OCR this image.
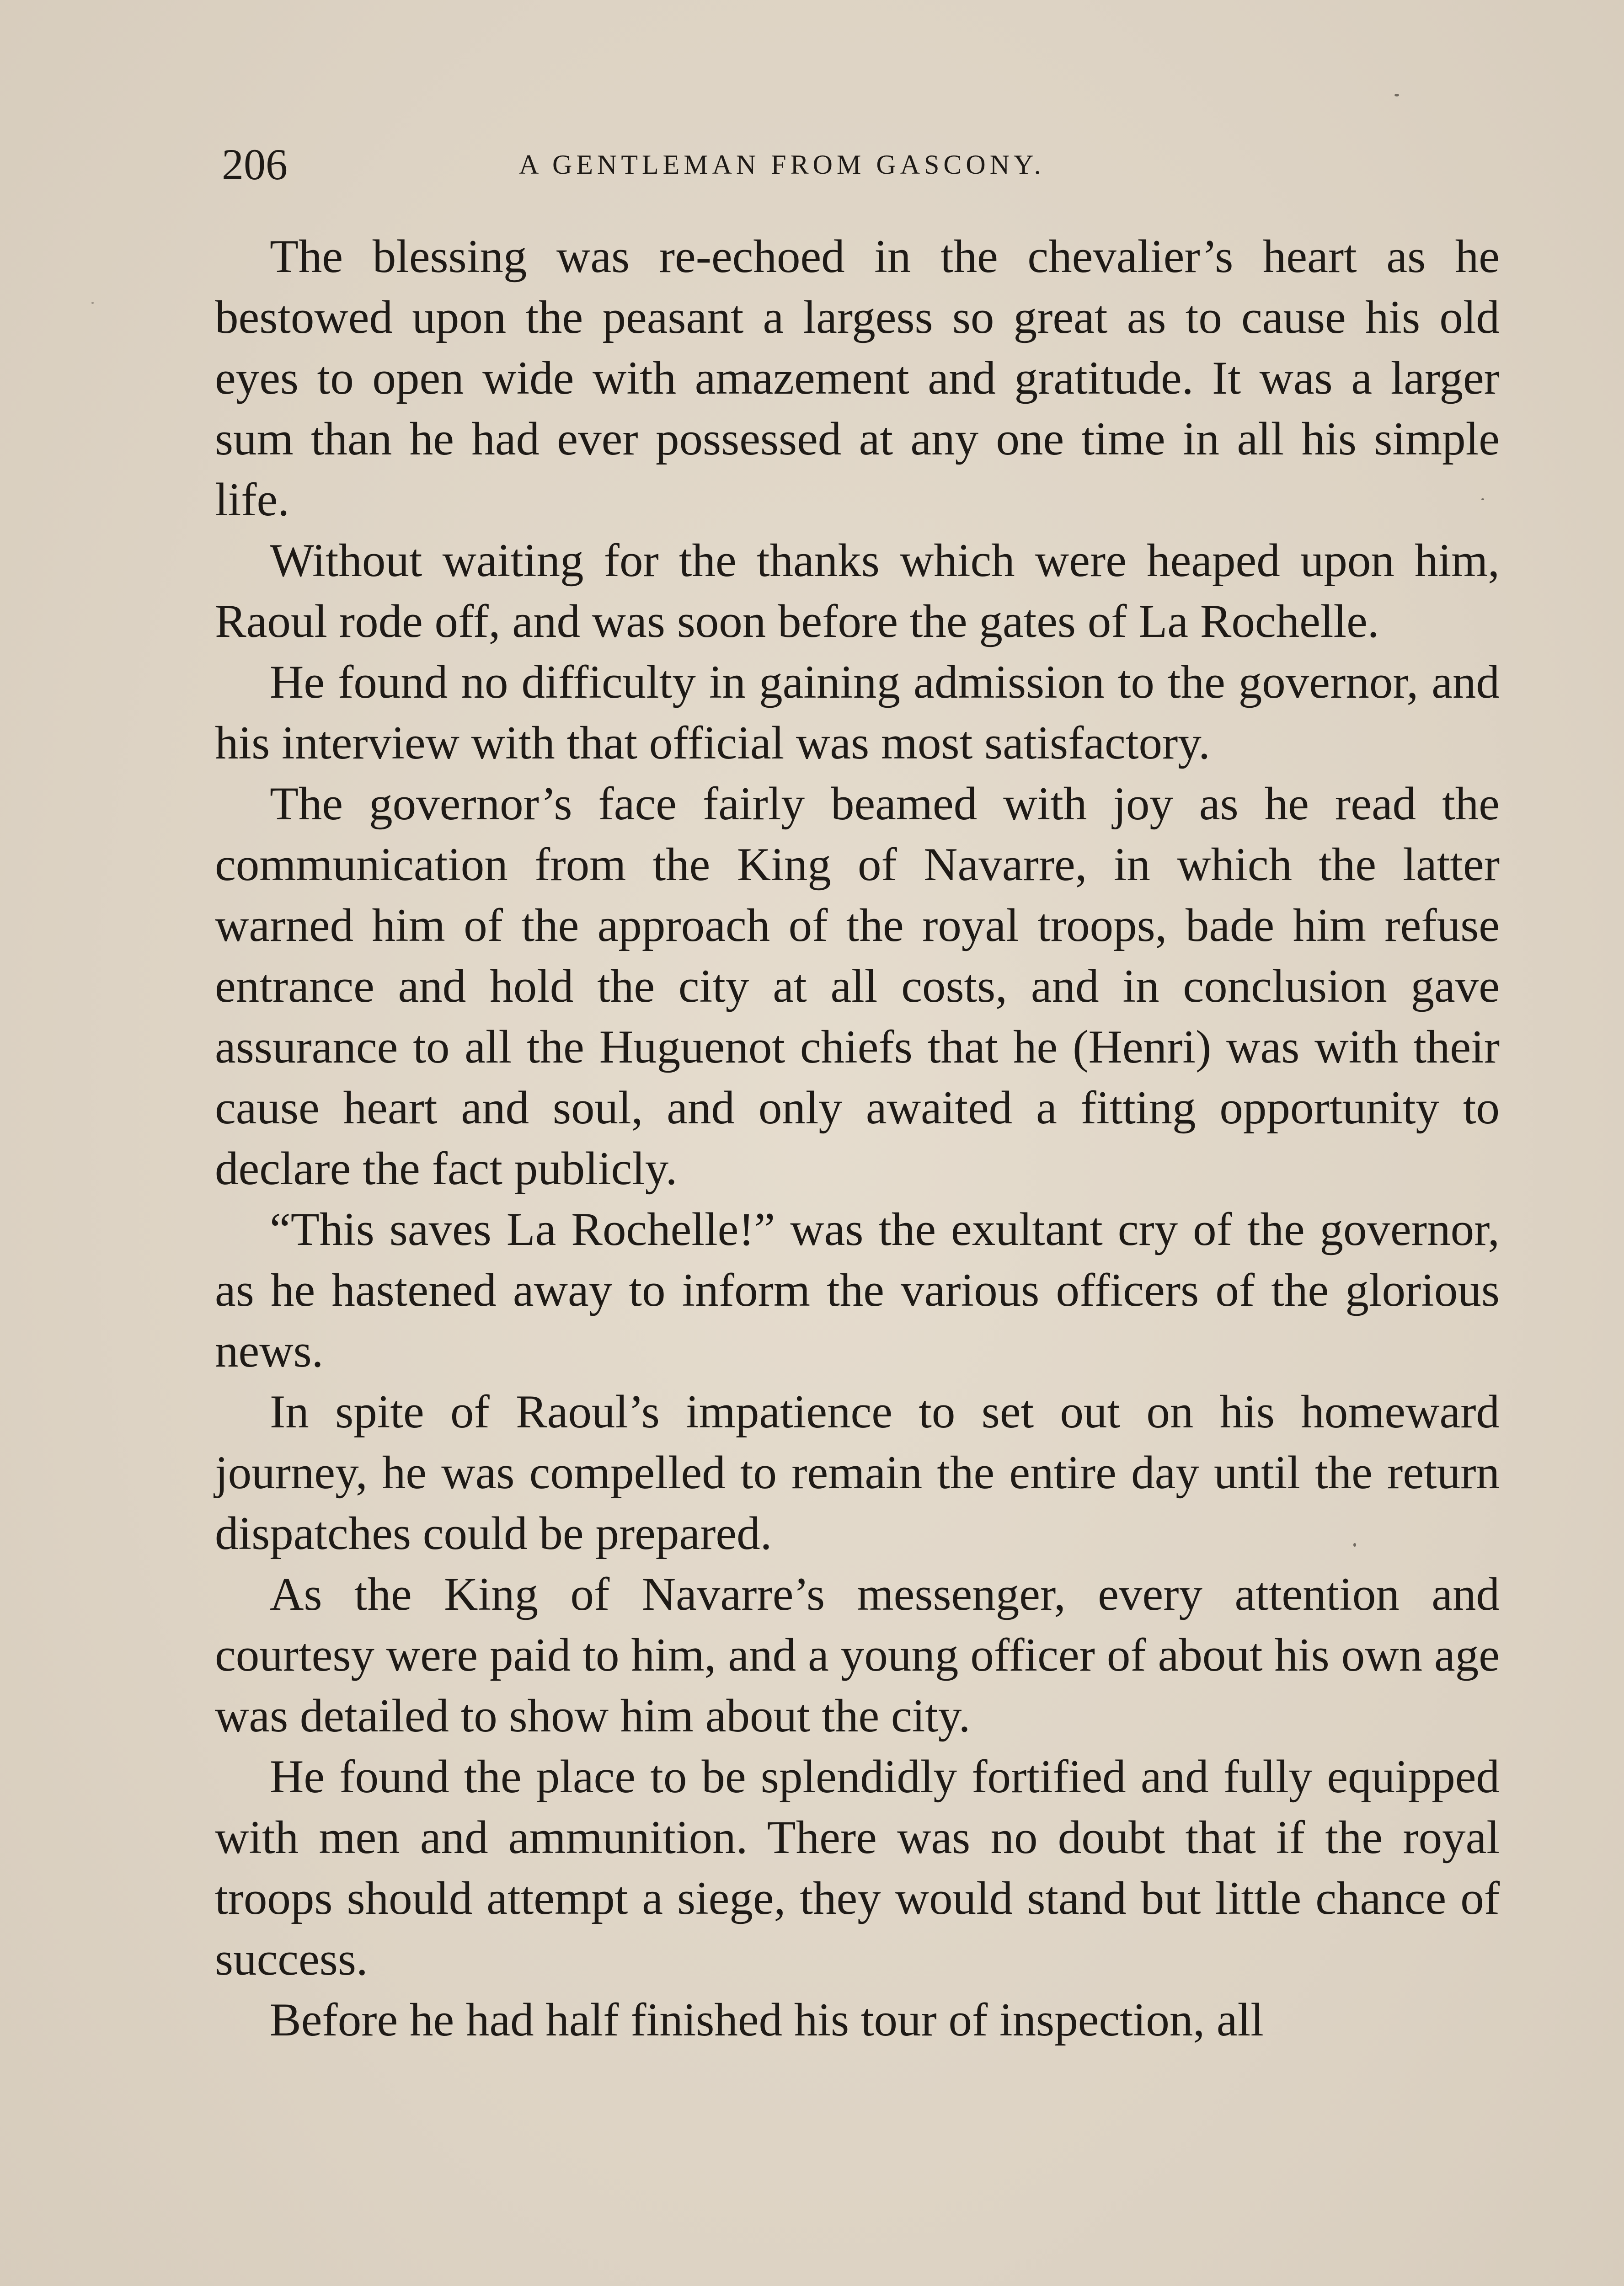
206	A GENTLEMAN FROM GASCONY.

The blessing was re-echoed in the chevalier’s heart as he bestowed upon the peasant a largess so great as to cause his old eyes to open wide with amazement and gratitude. It was a larger sum than he had ever possessed at any one time in all his simple life.

Without waiting for the thanks which were heaped upon him, Raoul rode off, and was soon before the gates of La Rochelle.

He found no difficulty in gaining admission to the governor, and his interview with that official was most satisfactory.

The governor’s face fairly beamed with joy as he read the communication from the King of Navarre, in which the latter warned him of the approach of the royal troops, bade him refuse entrance and hold the city at all costs, and in conclusion gave assurance to all the Huguenot chiefs that he (Henri) was with their cause heart and soul, and only awaited a fitting opportunity to declare the fact publicly.

“This saves La Rochelle!” was the exultant cry of the governor, as he hastened away to inform the various officers of the glorious news.

In spite of Raoul’s impatience to set out on his homeward journey, he was compelled to remain the entire day until the return dispatches could be prepared.

As the King of Navarre’s messenger, every attention and courtesy were paid to him, and a young officer of about his own age was detailed to show him about the city.

He found the place to be splendidly fortified and fully equipped with men and ammunition. There was no doubt that if the royal troops should attempt a siege, they would stand but little chance of success.

Before he had half finished his tour of inspection, all
